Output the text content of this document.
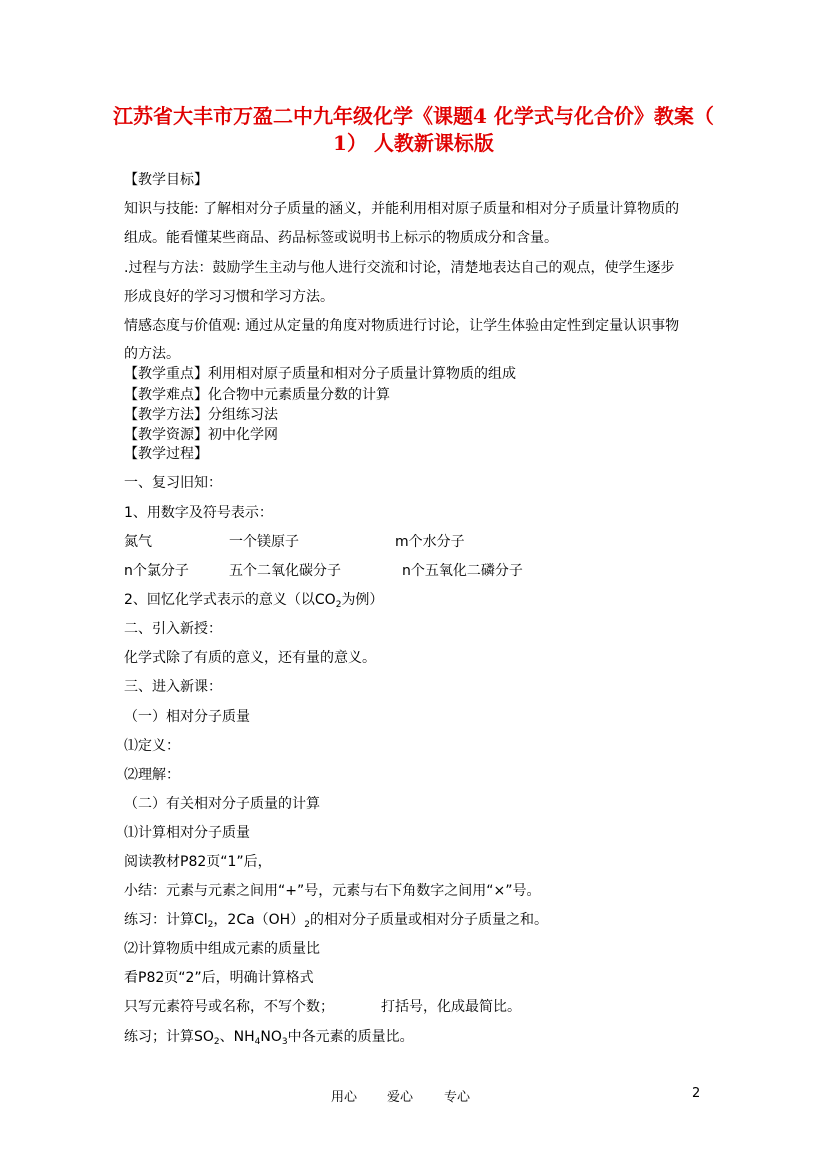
江苏省大丰市万盈二中九年级化学《课题4 化学式与化合价》教案（
1） 人教新课标版
【教学目标】
知识与技能: 了解相对分子质量的涵义，并能利用相对原子质量和相对分子质量计算物质的
组成。能看懂某些商品、药品标签或说明书上标示的物质成分和含量。
.过程与方法：鼓励学生主动与他人进行交流和讨论，清楚地表达自己的观点，使学生逐步
形成良好的学习习惯和学习方法。
情感态度与价值观: 通过从定量的角度对物质进行讨论，让学生体验由定性到定量认识事物
的方法。
【教学重点】利用相对原子质量和相对分子质量计算物质的组成
【教学难点】化合物中元素质量分数的计算
【教学方法】分组练习法
【教学资源】初中化学网
【教学过程】
一、复习旧知：
1、用数字及符号表示：
氮气	一个镁原子	m个水分子
n个氯分子	五个二氧化碳分子	n个五氧化二磷分子
2、回忆化学式表示的意义（以$CO_2$为例）
二、引入新授：
化学式除了有质的意义，还有量的意义。
三、进入新课：
（一）相对分子质量
⑴定义：
⑵理解：
（二）有关相对分子质量的计算
⑴计算相对分子质量
阅读教材P82页“1”后，
小结：元素与元素之间用“+”号，元素与右下角数字之间用“×”号。
练习：计算$Cl_2$，$2Ca(OH)_2$的相对分子质量或相对分子质量之和。
⑵计算物质中组成元素的质量比
看P82页“2”后，明确计算格式
只写元素符号或名称，不写个数；	打括号，化成最简比。
练习；计算$SO_2$、$NH_4NO_3$中各元素的质量比。
用心 爱心 专心	2
